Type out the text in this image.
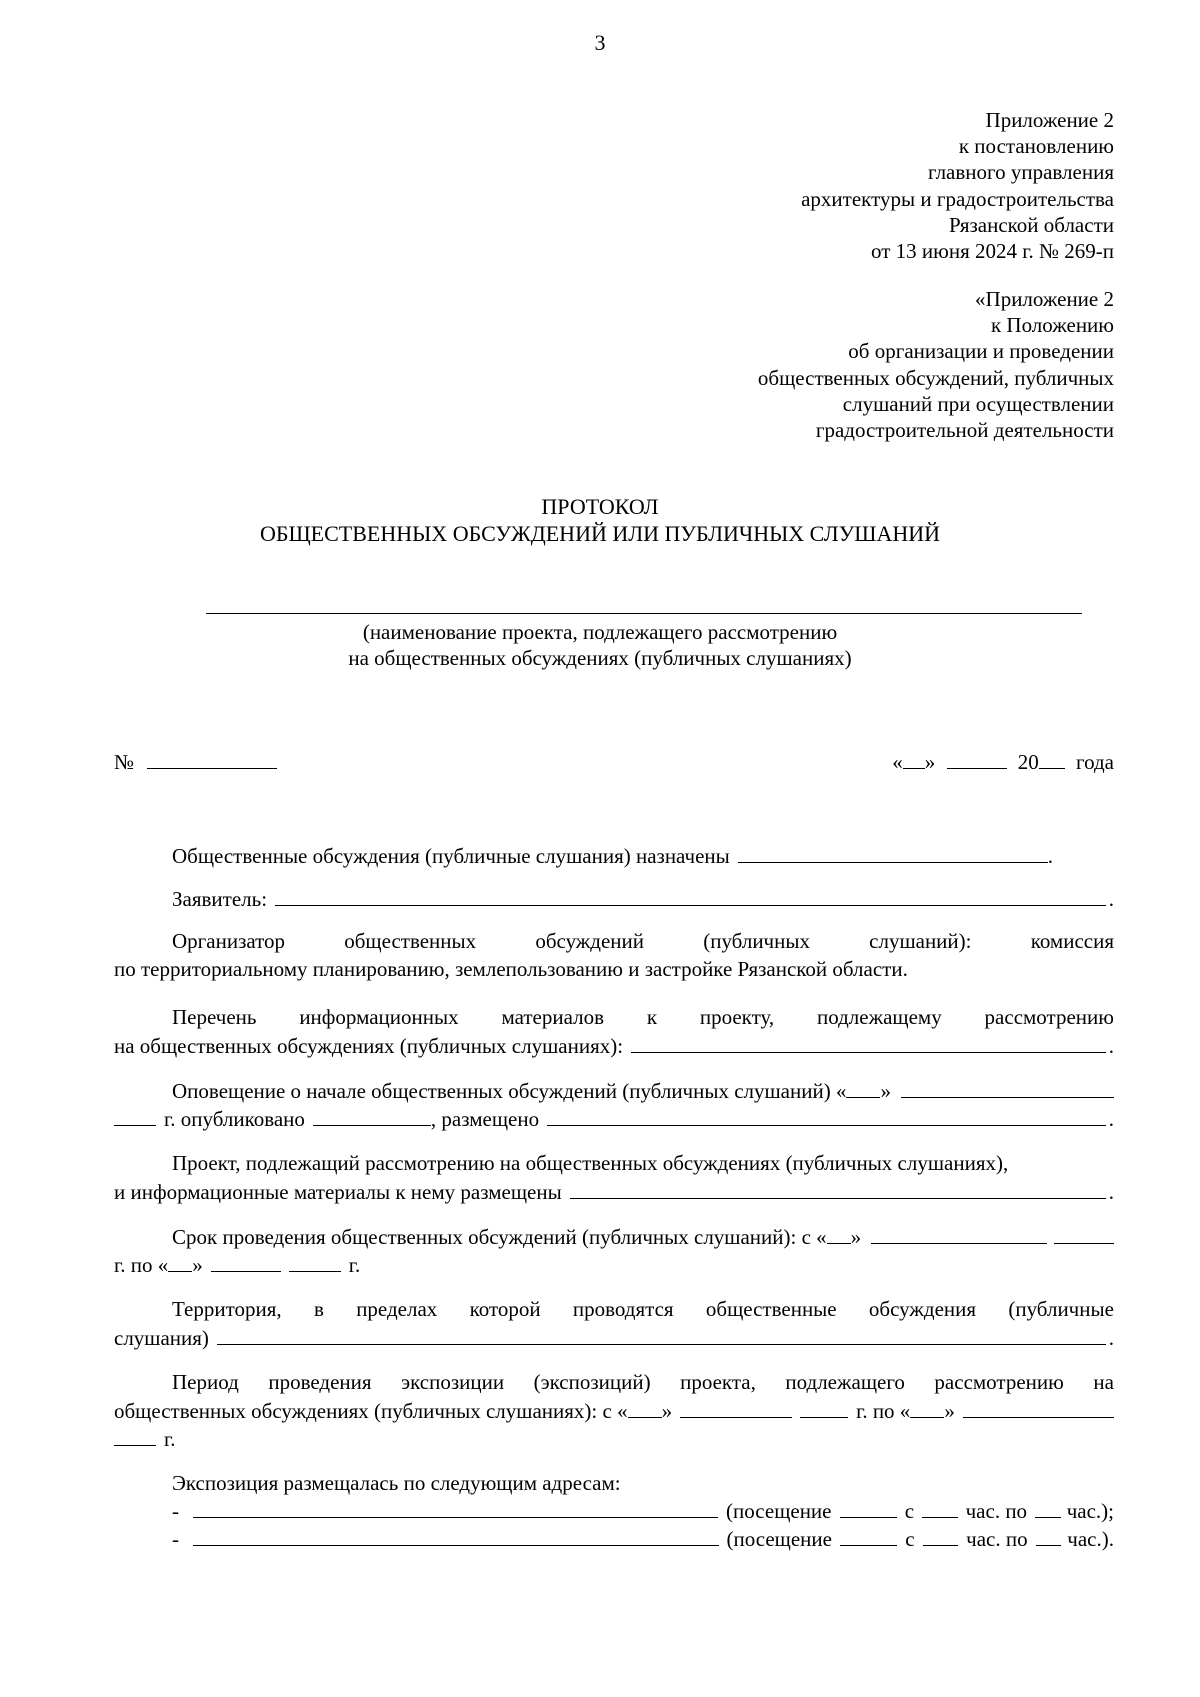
3
Приложение 2
к постановлению
главного управления
архитектуры и градостроительства
Рязанской области
от 13 июня 2024 г. № 269-п
«Приложение 2
к Положению
об организации и проведении
общественных обсуждений, публичных
слушаний при осуществлении
градостроительной деятельности
ПРОТОКОЛ
ОБЩЕСТВЕННЫХ ОБСУЖДЕНИЙ ИЛИ ПУБЛИЧНЫХ СЛУШАНИЙ
(наименование проекта, подлежащего рассмотрению
на общественных обсуждениях (публичных слушаниях)
№	« »	20 года
Общественные обсуждения (публичные слушания) назначены	.
Заявитель:	.
Организатор	общественных	обсуждений	(публичных	слушаний):	комиссия
по территориальному планированию, землепользованию и застройке Рязанской области.
Перечень информационных материалов к проекту, подлежащему рассмотрению
на общественных обсуждениях (публичных слушаниях):	.
Оповещение о начале общественных обсуждений (публичных слушаний) « »
г. опубликовано	, размещено	.
Проект, подлежащий рассмотрению на общественных обсуждениях (публичных слушаниях),
и информационные материалы к нему размещены	.
Срок проведения общественных обсуждений (публичных слушаний): с « »
г. по « »	г.
Территория, в пределах которой проводятся общественные обсуждения (публичные
слушания)	.
Период проведения экспозиции (экспозиций) проекта, подлежащего рассмотрению на
общественных обсуждениях (публичных слушаниях): с « »	г. по « »
г.
Экспозиция размещалась по следующим адресам:
-	(посещение	с час. по час.);
-	(посещение	с час. по час.).
